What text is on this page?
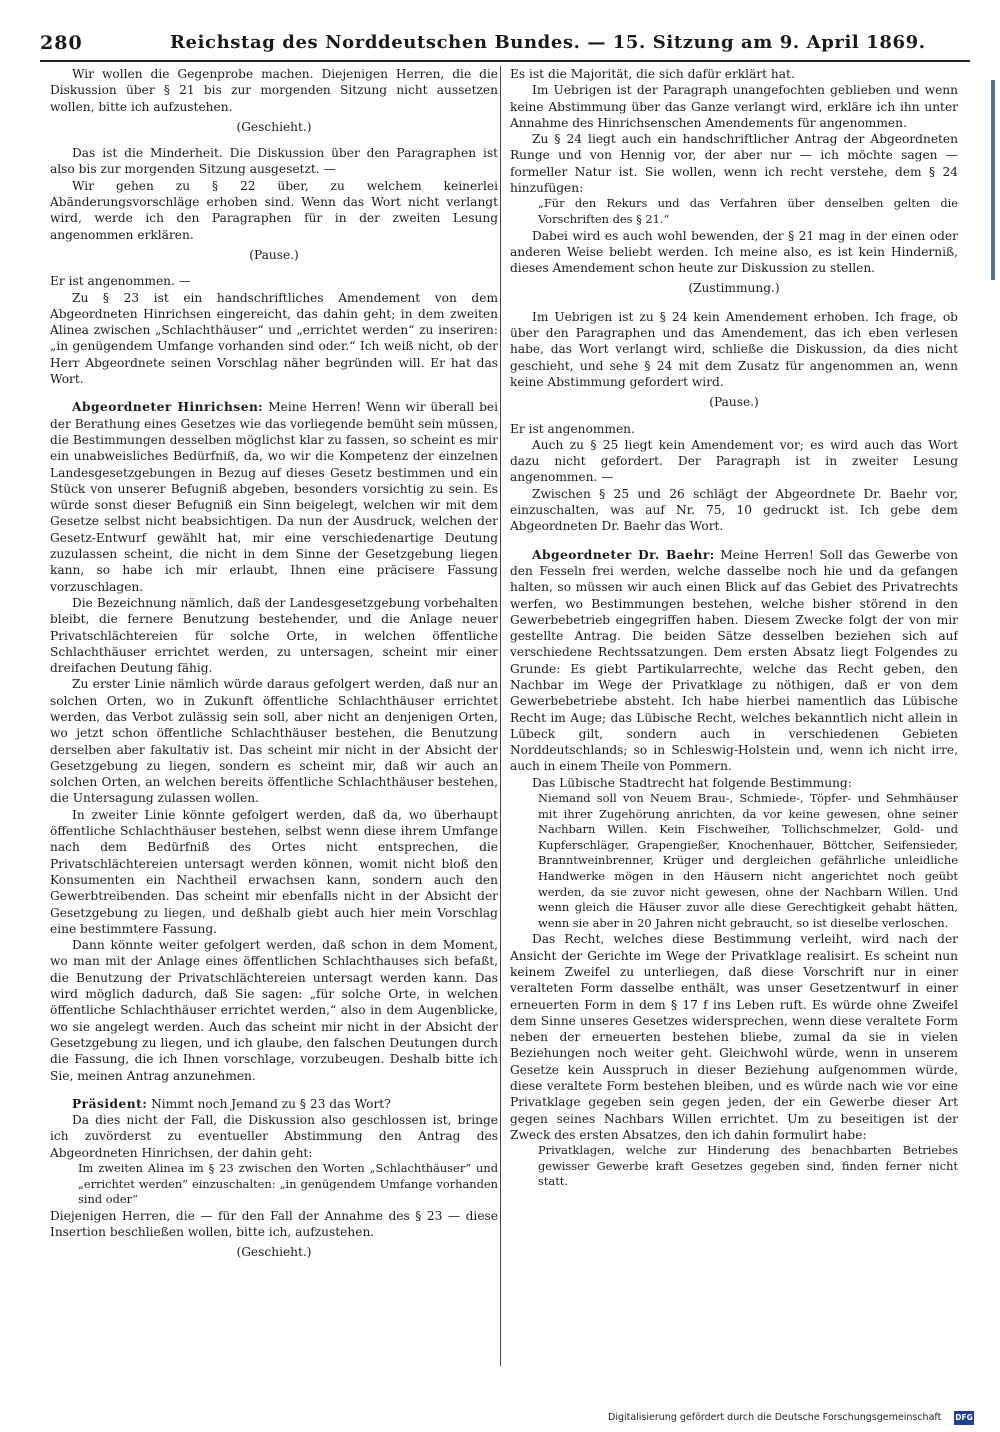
280	Reichstag des Norddeutschen Bundes. — 15. Sitzung am 9. April 1869.

Wir wollen die Gegenprobe machen. Diejenigen Herren, die die Diskussion über § 21 bis zur morgenden Sitzung nicht aussetzen wollen, bitte ich aufzustehen.

(Geschieht.)

Das ist die Minderheit. Die Diskussion über den Paragraphen ist also bis zur morgenden Sitzung ausgesetzt. —

Wir gehen zu § 22 über, zu welchem keinerlei Abänderungsvorschläge erhoben sind. Wenn das Wort nicht verlangt wird, werde ich den Paragraphen für in der zweiten Lesung angenommen erklären.

(Pause.)

Er ist angenommen. —

Zu § 23 ist ein handschriftliches Amendement von dem Abgeordneten Hinrichsen eingereicht, das dahin geht; in dem zweiten Alinea zwischen „Schlachthäuser“ und „errichtet werden“ zu inseriren: „in genügendem Umfange vorhanden sind oder.“ Ich weiß nicht, ob der Herr Abgeordnete seinen Vorschlag näher begründen will. Er hat das Wort.

Abgeordneter Hinrichsen: Meine Herren! Wenn wir überall bei der Berathung eines Gesetzes wie das vorliegende bemüht sein müssen, die Bestimmungen desselben möglichst klar zu fassen, so scheint es mir ein unabweisliches Bedürfniß, da, wo wir die Kompetenz der einzelnen Landesgesetzgebungen in Bezug auf dieses Gesetz bestimmen und ein Stück von unserer Befugniß abgeben, besonders vorsichtig zu sein. Es würde sonst dieser Befugniß ein Sinn beigelegt, welchen wir mit dem Gesetze selbst nicht beabsichtigen. Da nun der Ausdruck, welchen der Gesetz-Entwurf gewählt hat, mir eine verschiedenartige Deutung zuzulassen scheint, die nicht in dem Sinne der Gesetzgebung liegen kann, so habe ich mir erlaubt, Ihnen eine präcisere Fassung vorzuschlagen.

Die Bezeichnung nämlich, daß der Landesgesetzgebung vorbehalten bleibt, die fernere Benutzung bestehender, und die Anlage neuer Privatschlächtereien für solche Orte, in welchen öffentliche Schlachthäuser errichtet werden, zu untersagen, scheint mir einer dreifachen Deutung fähig.

Zu erster Linie nämlich würde daraus gefolgert werden, daß nur an solchen Orten, wo in Zukunft öffentliche Schlachthäuser errichtet werden, das Verbot zulässig sein soll, aber nicht an denjenigen Orten, wo jetzt schon öffentliche Schlachthäuser bestehen, die Benutzung derselben aber fakultativ ist. Das scheint mir nicht in der Absicht der Gesetzgebung zu liegen, sondern es scheint mir, daß wir auch an solchen Orten, an welchen bereits öffentliche Schlachthäuser bestehen, die Untersagung zulassen wollen.

In zweiter Linie könnte gefolgert werden, daß da, wo überhaupt öffentliche Schlachthäuser bestehen, selbst wenn diese ihrem Umfange nach dem Bedürfniß des Ortes nicht entsprechen, die Privatschlächtereien untersagt werden können, womit nicht bloß den Konsumenten ein Nachtheil erwachsen kann, sondern auch den Gewerbtreibenden. Das scheint mir ebenfalls nicht in der Absicht der Gesetzgebung zu liegen, und deßhalb giebt auch hier mein Vorschlag eine bestimmtere Fassung.

Dann könnte weiter gefolgert werden, daß schon in dem Moment, wo man mit der Anlage eines öffentlichen Schlachthauses sich befaßt, die Benutzung der Privatschlächtereien untersagt werden kann. Das wird möglich dadurch, daß Sie sagen: „für solche Orte, in welchen öffentliche Schlachthäuser errichtet werden,“ also in dem Augenblicke, wo sie angelegt werden. Auch das scheint mir nicht in der Absicht der Gesetzgebung zu liegen, und ich glaube, den falschen Deutungen durch die Fassung, die ich Ihnen vorschlage, vorzubeugen. Deshalb bitte ich Sie, meinen Antrag anzunehmen.

Präsident: Nimmt noch Jemand zu § 23 das Wort?

Da dies nicht der Fall, die Diskussion also geschlossen ist, bringe ich zuvörderst zu eventueller Abstimmung den Antrag des Abgeordneten Hinrichsen, der dahin geht:

Im zweiten Alinea im § 23 zwischen den Worten „Schlachthäuser“ und „errichtet werden“ einzuschalten: „in genügendem Umfange vorhanden sind oder“

Diejenigen Herren, die — für den Fall der Annahme des § 23 — diese Insertion beschließen wollen, bitte ich, aufzustehen.

(Geschieht.)

Es ist die Majorität, die sich dafür erklärt hat.

Im Uebrigen ist der Paragraph unangefochten geblieben und wenn keine Abstimmung über das Ganze verlangt wird, erkläre ich ihn unter Annahme des Hinrichsenschen Amendements für angenommen.

Zu § 24 liegt auch ein handschriftlicher Antrag der Abgeordneten Runge und von Hennig vor, der aber nur — ich möchte sagen — formeller Natur ist. Sie wollen, wenn ich recht verstehe, dem § 24 hinzufügen:

„Für den Rekurs und das Verfahren über denselben gelten die Vorschriften des § 21.“

Dabei wird es auch wohl bewenden, der § 21 mag in der einen oder anderen Weise beliebt werden. Ich meine also, es ist kein Hinderniß, dieses Amendement schon heute zur Diskussion zu stellen.

(Zustimmung.)

Im Uebrigen ist zu § 24 kein Amendement erhoben. Ich frage, ob über den Paragraphen und das Amendement, das ich eben verlesen habe, das Wort verlangt wird, schließe die Diskussion, da dies nicht geschieht, und sehe § 24 mit dem Zusatz für angenommen an, wenn keine Abstimmung gefordert wird.

(Pause.)

Er ist angenommen.

Auch zu § 25 liegt kein Amendement vor; es wird auch das Wort dazu nicht gefordert. Der Paragraph ist in zweiter Lesung angenommen. —

Zwischen § 25 und 26 schlägt der Abgeordnete Dr. Baehr vor, einzuschalten, was auf Nr. 75, 10 gedruckt ist. Ich gebe dem Abgeordneten Dr. Baehr das Wort.

Abgeordneter Dr. Baehr: Meine Herren! Soll das Gewerbe von den Fesseln frei werden, welche dasselbe noch hie und da gefangen halten, so müssen wir auch einen Blick auf das Gebiet des Privatrechts werfen, wo Bestimmungen bestehen, welche bisher störend in den Gewerbebetrieb eingegriffen haben. Diesem Zwecke folgt der von mir gestellte Antrag. Die beiden Sätze desselben beziehen sich auf verschiedene Rechtssatzungen. Dem ersten Absatz liegt Folgendes zu Grunde: Es giebt Partikularrechte, welche das Recht geben, den Nachbar im Wege der Privatklage zu nöthigen, daß er von dem Gewerbebetriebe absteht. Ich habe hierbei namentlich das Lübische Recht im Auge; das Lübische Recht, welches bekanntlich nicht allein in Lübeck gilt, sondern auch in verschiedenen Gebieten Norddeutschlands; so in Schleswig-Holstein und, wenn ich nicht irre, auch in einem Theile von Pommern.

Das Lübische Stadtrecht hat folgende Bestimmung:

Niemand soll von Neuem Brau-, Schmiede-, Töpfer- und Sehmhäuser mit ihrer Zugehörung anrichten, da vor keine gewesen, ohne seiner Nachbarn Willen. Kein Fischweiher, Tollichschmelzer, Gold- und Kupferschläger, Grapengießer, Knochenhauer, Böttcher, Seifensieder, Branntweinbrenner, Krüger und dergleichen gefährliche unleidliche Handwerke mögen in den Häusern nicht angerichtet noch geübt werden, da sie zuvor nicht gewesen, ohne der Nachbarn Willen. Und wenn gleich die Häuser zuvor alle diese Gerechtigkeit gehabt hätten, wenn sie aber in 20 Jahren nicht gebraucht, so ist dieselbe verloschen.

Das Recht, welches diese Bestimmung verleiht, wird nach der Ansicht der Gerichte im Wege der Privatklage realisirt. Es scheint nun keinem Zweifel zu unterliegen, daß diese Vorschrift nur in einer veralteten Form dasselbe enthält, was unser Gesetzentwurf in einer erneuerten Form in dem § 17 f ins Leben ruft. Es würde ohne Zweifel dem Sinne unseres Gesetzes widersprechen, wenn diese veraltete Form neben der erneuerten bestehen bliebe, zumal da sie in vielen Beziehungen noch weiter geht. Gleichwohl würde, wenn in unserem Gesetze kein Ausspruch in dieser Beziehung aufgenommen würde, diese veraltete Form bestehen bleiben, und es würde nach wie vor eine Privatklage gegeben sein gegen jeden, der ein Gewerbe dieser Art gegen seines Nachbars Willen errichtet. Um zu beseitigen ist der Zweck des ersten Absatzes, den ich dahin formulirt habe:

Privatklagen, welche zur Hinderung des benachbarten Betriebes gewisser Gewerbe kraft Gesetzes gegeben sind, finden ferner nicht statt.

Digitalisierung gefördert durch die Deutsche Forschungsgemeinschaft DFG
